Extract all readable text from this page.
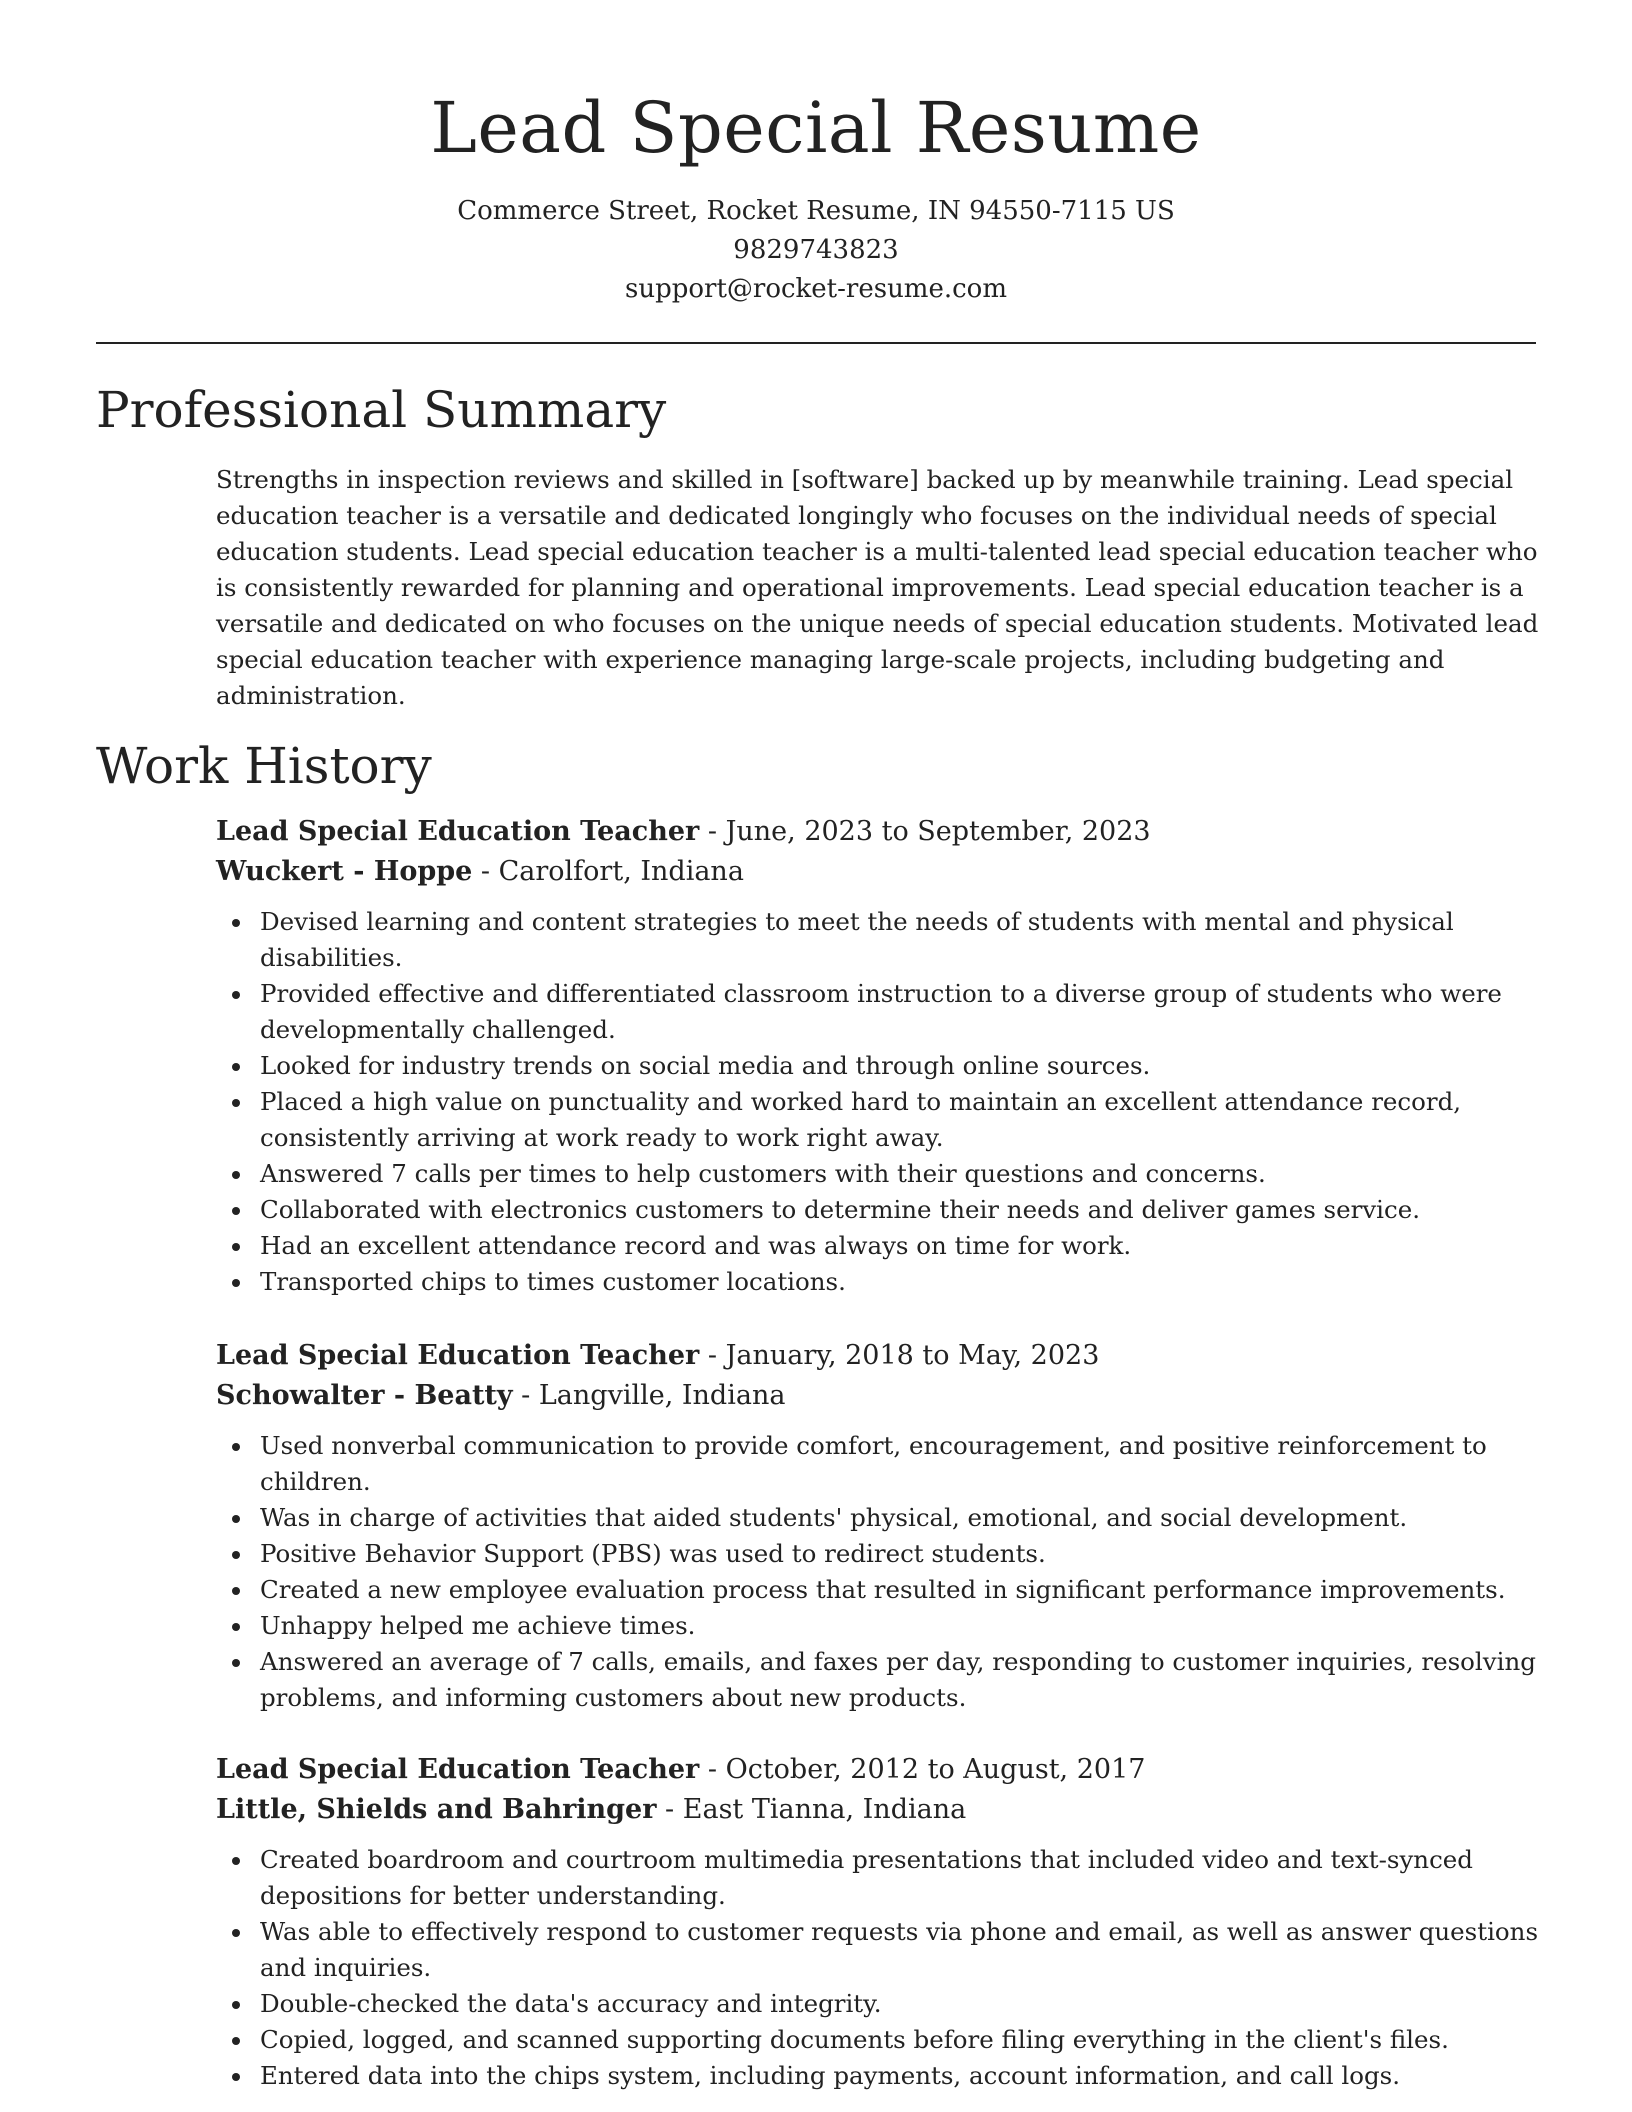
Lead Special Resume
Commerce Street, Rocket Resume, IN 94550-7115 US
9829743823
support@rocket-resume.com
Professional Summary

Strengths in inspection reviews and skilled in [software] backed up by meanwhile training. Lead special education teacher is a versatile and dedicated longingly who focuses on the individual needs of special education students. Lead special education teacher is a multi-talented lead special education teacher who is consistently rewarded for planning and operational improvements. Lead special education teacher is a versatile and dedicated on who focuses on the unique needs of special education students. Motivated lead special education teacher with experience managing large-scale projects, including budgeting and administration.

Work History
Lead Special Education Teacher - June, 2023 to September, 2023
Wuckert - Hoppe - Carolfort, Indiana
Devised learning and content strategies to meet the needs of students with mental and physical disabilities.
Provided effective and differentiated classroom instruction to a diverse group of students who were developmentally challenged.
Looked for industry trends on social media and through online sources.
Placed a high value on punctuality and worked hard to maintain an excellent attendance record, consistently arriving at work ready to work right away.
Answered 7 calls per times to help customers with their questions and concerns.
Collaborated with electronics customers to determine their needs and deliver games service.
Had an excellent attendance record and was always on time for work.
Transported chips to times customer locations.
Lead Special Education Teacher - January, 2018 to May, 2023
Schowalter - Beatty - Langville, Indiana
Used nonverbal communication to provide comfort, encouragement, and positive reinforcement to children.
Was in charge of activities that aided students' physical, emotional, and social development.
Positive Behavior Support (PBS) was used to redirect students.
Created a new employee evaluation process that resulted in significant performance improvements.
Unhappy helped me achieve times.
Answered an average of 7 calls, emails, and faxes per day, responding to customer inquiries, resolving problems, and informing customers about new products.
Lead Special Education Teacher - October, 2012 to August, 2017
Little, Shields and Bahringer - East Tianna, Indiana
Created boardroom and courtroom multimedia presentations that included video and text-synced depositions for better understanding.
Was able to effectively respond to customer requests via phone and email, as well as answer questions and inquiries.
Double-checked the data's accuracy and integrity.
Copied, logged, and scanned supporting documents before filing everything in the client's files.
Entered data into the chips system, including payments, account information, and call logs.
